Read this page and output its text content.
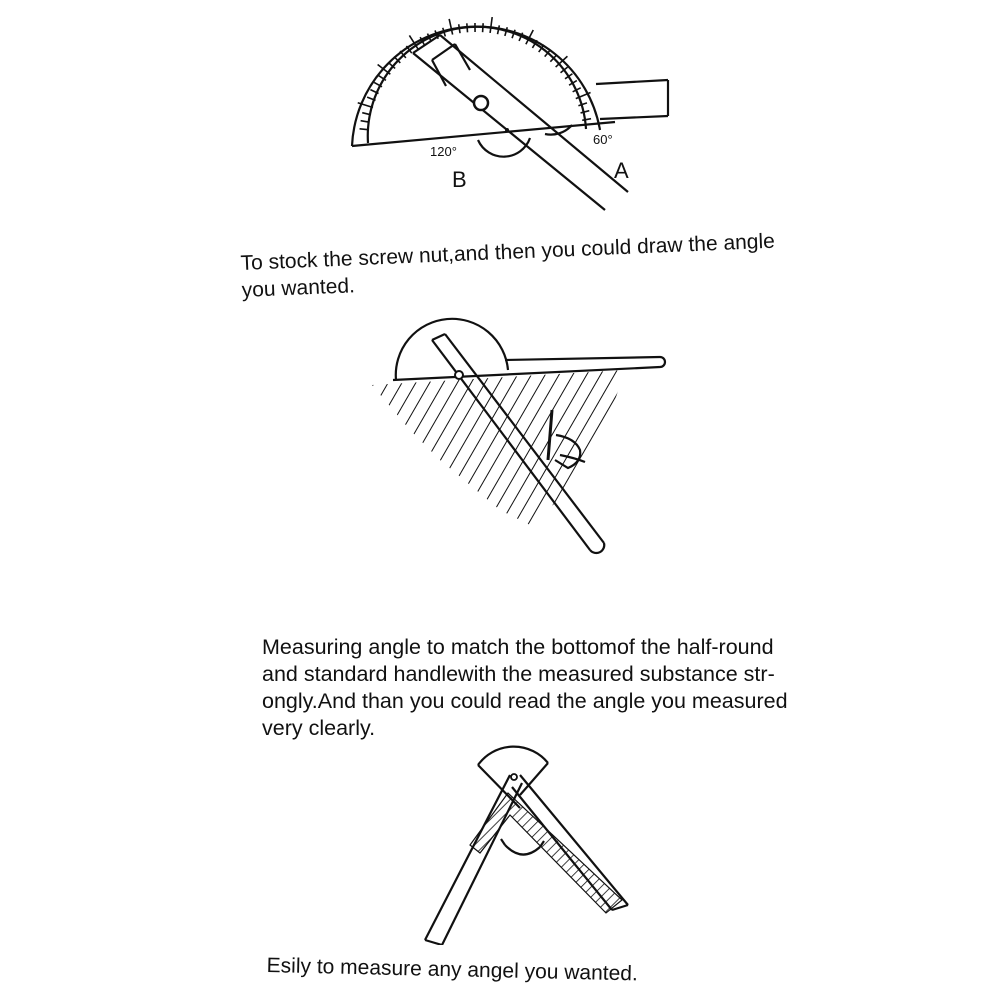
120°
60°
B	A
To stock the screw nut,and then you could draw the angle
you wanted.
Measuring angle to match the bottomof the half-round
and standard handlewith the measured substance str-
ongly.And than you could read the angle you measured
very clearly.
Esily to measure any angel you wanted.
